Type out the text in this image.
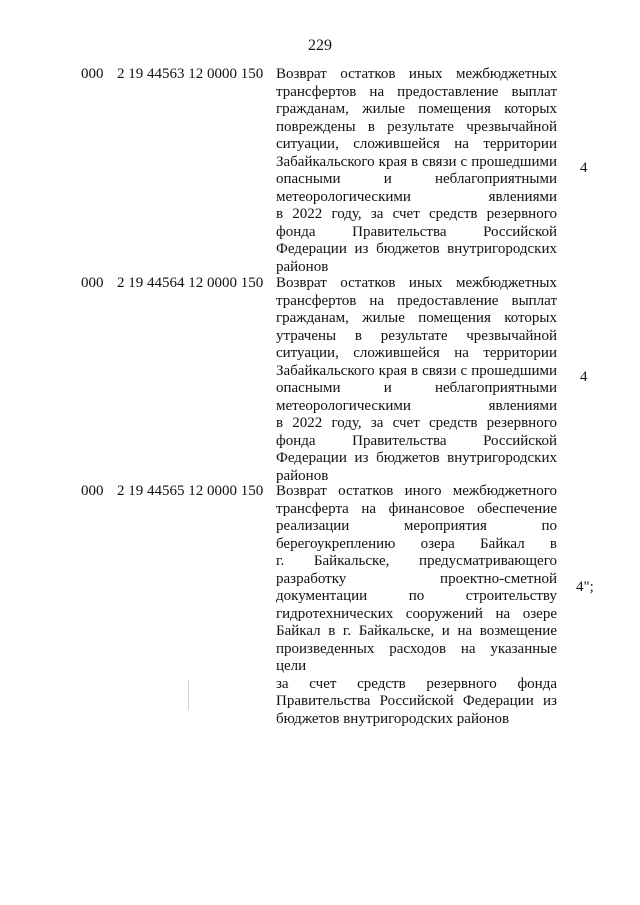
229
000 2 19 44563 12 0000 150 Возврат остатков иных межбюджетных
трансфертов на предоставление выплат
гражданам, жилые помещения которых
повреждены в результате чрезвычайной
ситуации, сложившейся на территории
Забайкальского края в связи с прошедшими
опасными и неблагоприятными
метеорологическими явлениями
в 2022 году, за счет средств резервного
фонда Правительства Российской
Федерации из бюджетов внутригородских
районов
4
000 2 19 44564 12 0000 150 Возврат остатков иных межбюджетных
трансфертов на предоставление выплат
гражданам, жилые помещения которых
утрачены в результате чрезвычайной
ситуации, сложившейся на территории
Забайкальского края в связи с прошедшими
опасными и неблагоприятными
метеорологическими явлениями
в 2022 году, за счет средств резервного
фонда Правительства Российской
Федерации из бюджетов внутригородских
районов
4
000 2 19 44565 12 0000 150 Возврат остатков иного межбюджетного
трансферта на финансовое обеспечение
реализации мероприятия по
берегоукреплению озера Байкал в
г. Байкальске, предусматривающего
разработку проектно-сметной
документации по строительству
гидротехнических сооружений на озере
Байкал в г. Байкальске, и на возмещение
произведенных расходов на указанные цели
за счет средств резервного фонда
Правительства Российской Федерации из
бюджетов внутригородских районов
4";
